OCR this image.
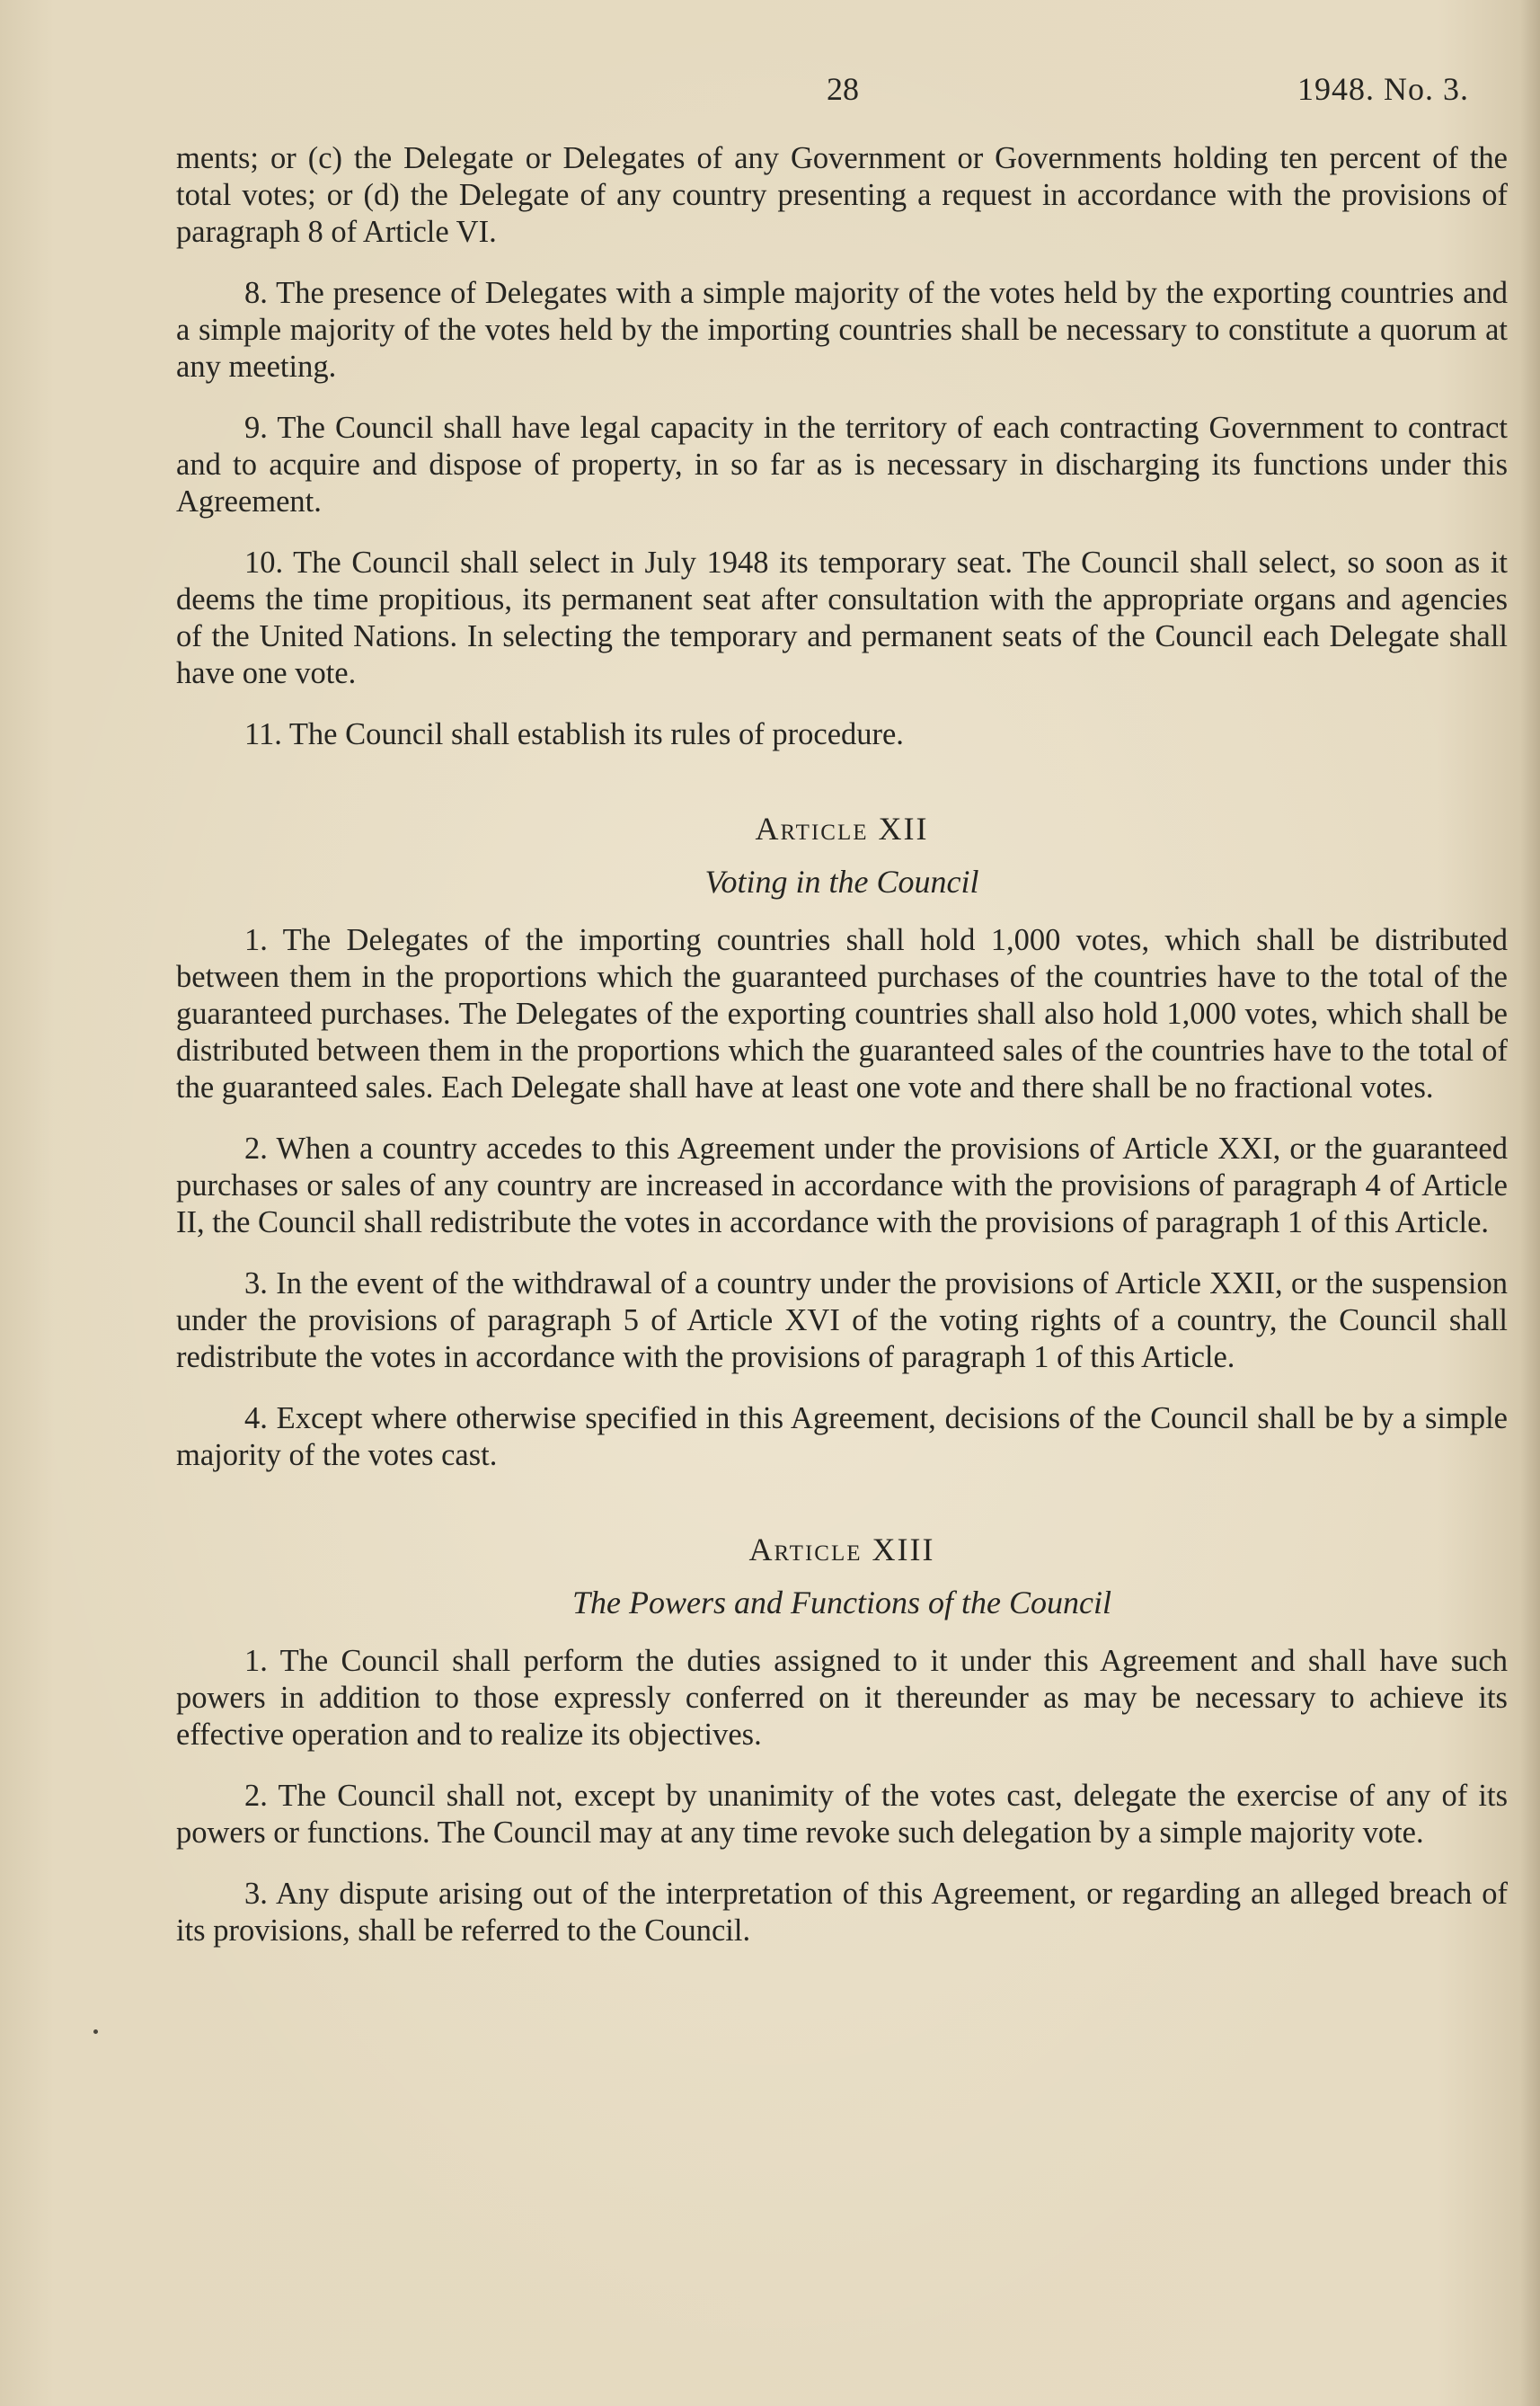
28	1948. No. 3.

ments; or (c) the Delegate or Delegates of any Government or Governments holding ten percent of the total votes; or (d) the Delegate of any country presenting a request in accordance with the provisions of paragraph 8 of Article VI.

8. The presence of Delegates with a simple majority of the votes held by the exporting countries and a simple majority of the votes held by the importing countries shall be necessary to constitute a quorum at any meeting.

9. The Council shall have legal capacity in the territory of each contracting Government to contract and to acquire and dispose of property, in so far as is necessary in discharging its functions under this Agreement.

10. The Council shall select in July 1948 its temporary seat. The Council shall select, so soon as it deems the time propitious, its permanent seat after consultation with the appropriate organs and agencies of the United Nations. In selecting the temporary and permanent seats of the Council each Delegate shall have one vote.

11. The Council shall establish its rules of procedure.

Article XII
Voting in the Council

1. The Delegates of the importing countries shall hold 1,000 votes, which shall be distributed between them in the proportions which the guaranteed purchases of the countries have to the total of the guaranteed purchases. The Delegates of the exporting countries shall also hold 1,000 votes, which shall be distributed between them in the proportions which the guaranteed sales of the countries have to the total of the guaranteed sales. Each Delegate shall have at least one vote and there shall be no fractional votes.

2. When a country accedes to this Agreement under the provisions of Article XXI, or the guaranteed purchases or sales of any country are increased in accordance with the provisions of paragraph 4 of Article II, the Council shall redistribute the votes in accordance with the provisions of paragraph 1 of this Article.

3. In the event of the withdrawal of a country under the provisions of Article XXII, or the suspension under the provisions of paragraph 5 of Article XVI of the voting rights of a country, the Council shall redistribute the votes in accordance with the provisions of paragraph 1 of this Article.

4. Except where otherwise specified in this Agreement, decisions of the Council shall be by a simple majority of the votes cast.

Article XIII
The Powers and Functions of the Council

1. The Council shall perform the duties assigned to it under this Agreement and shall have such powers in addition to those expressly conferred on it thereunder as may be necessary to achieve its effective operation and to realize its objectives.

2. The Council shall not, except by unanimity of the votes cast, delegate the exercise of any of its powers or functions. The Council may at any time revoke such delegation by a simple majority vote.

3. Any dispute arising out of the interpretation of this Agreement, or regarding an alleged breach of its provisions, shall be referred to the Council.
